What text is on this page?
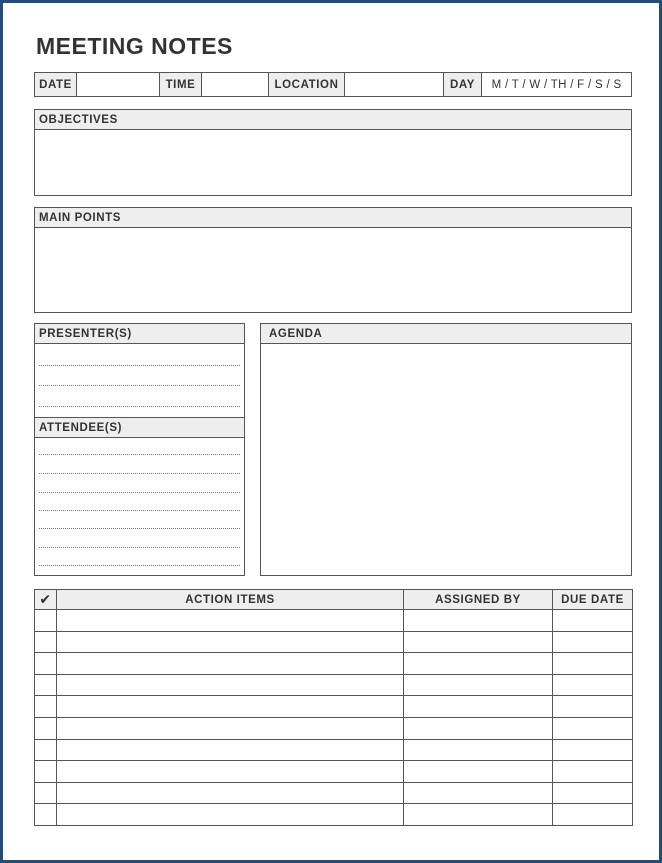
MEETING NOTES
DATE	TIME	LOCATION	DAY	M / T / W / TH / F / S / S
OBJECTIVES
MAIN POINTS
PRESENTER(S)
ATTENDEE(S)
AGENDA
✔	ACTION ITEMS	ASSIGNED BY	DUE DATE
